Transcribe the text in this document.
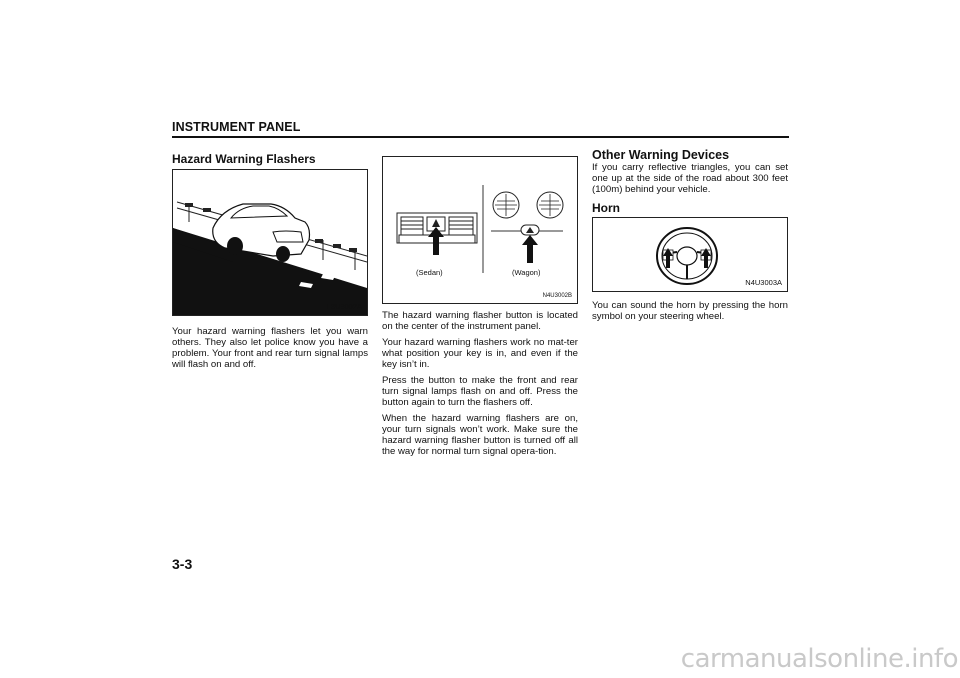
INSTRUMENT PANEL
Hazard Warning Flashers
L3U3002A

Your hazard warning flashers let you warn others. They also let police know you have a problem. Your front and rear turn signal lamps will flash on and off.

(Sedan)	(Wagon)
N4U3002B

The hazard warning flasher button is located on the center of the instrument panel.

Your hazard warning flashers work no mat-ter what position your key is in, and even if the key isn’t in.

Press the button to make the front and rear turn signal lamps flash on and off. Press the button again to turn the flashers off.

When the hazard warning flashers are on, your turn signals won’t work. Make sure the hazard warning flasher button is turned off all the way for normal turn signal opera-tion.

Other Warning Devices

If you carry reflective triangles, you can set one up at the side of the road about 300 feet (100m) behind your vehicle.

Horn
N4U3003A

You can sound the horn by pressing the horn symbol on your steering wheel.

3-3
carmanualsonline.info
